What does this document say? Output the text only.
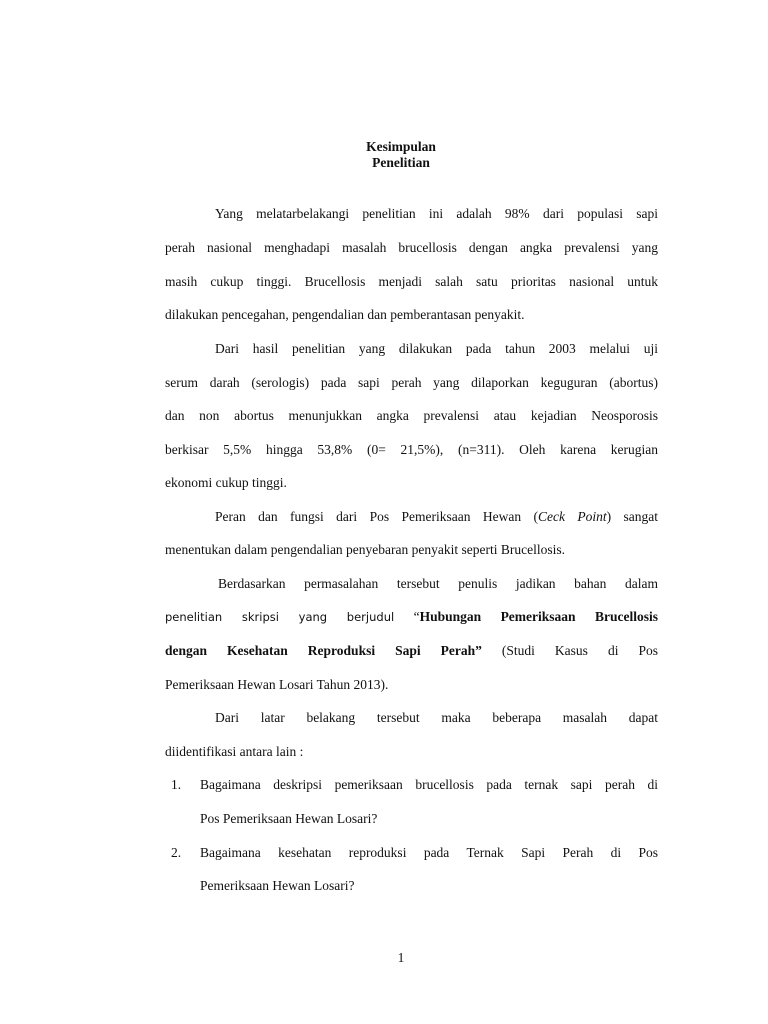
Kesimpulan
Penelitian
Yang melatarbelakangi penelitian ini adalah 98% dari populasi sapi
perah nasional menghadapi masalah brucellosis dengan angka prevalensi yang
masih cukup tinggi. Brucellosis menjadi salah satu prioritas nasional untuk
dilakukan pencegahan, pengendalian dan pemberantasan penyakit.
Dari hasil penelitian yang dilakukan pada tahun 2003 melalui uji
serum darah (serologis) pada sapi perah yang dilaporkan keguguran (abortus)
dan non abortus menunjukkan angka prevalensi atau kejadian Neosporosis
berkisar 5,5% hingga 53,8% (0= 21,5%), (n=311). Oleh karena kerugian
ekonomi cukup tinggi.
Peran dan fungsi dari Pos Pemeriksaan Hewan (Ceck Point) sangat
menentukan dalam pengendalian penyebaran penyakit seperti Brucellosis.
Berdasarkan permasalahan tersebut penulis jadikan bahan dalam
penelitian skripsi yang berjudul “Hubungan Pemeriksaan Brucellosis
dengan Kesehatan Reproduksi Sapi Perah” (Studi Kasus di Pos
Pemeriksaan Hewan Losari Tahun 2013).
Dari latar belakang tersebut maka beberapa masalah dapat
diidentifikasi antara lain :
1. Bagaimana deskripsi pemeriksaan brucellosis pada ternak sapi perah di
Pos Pemeriksaan Hewan Losari?
2. Bagaimana kesehatan reproduksi pada Ternak Sapi Perah di Pos
Pemeriksaan Hewan Losari?
1
